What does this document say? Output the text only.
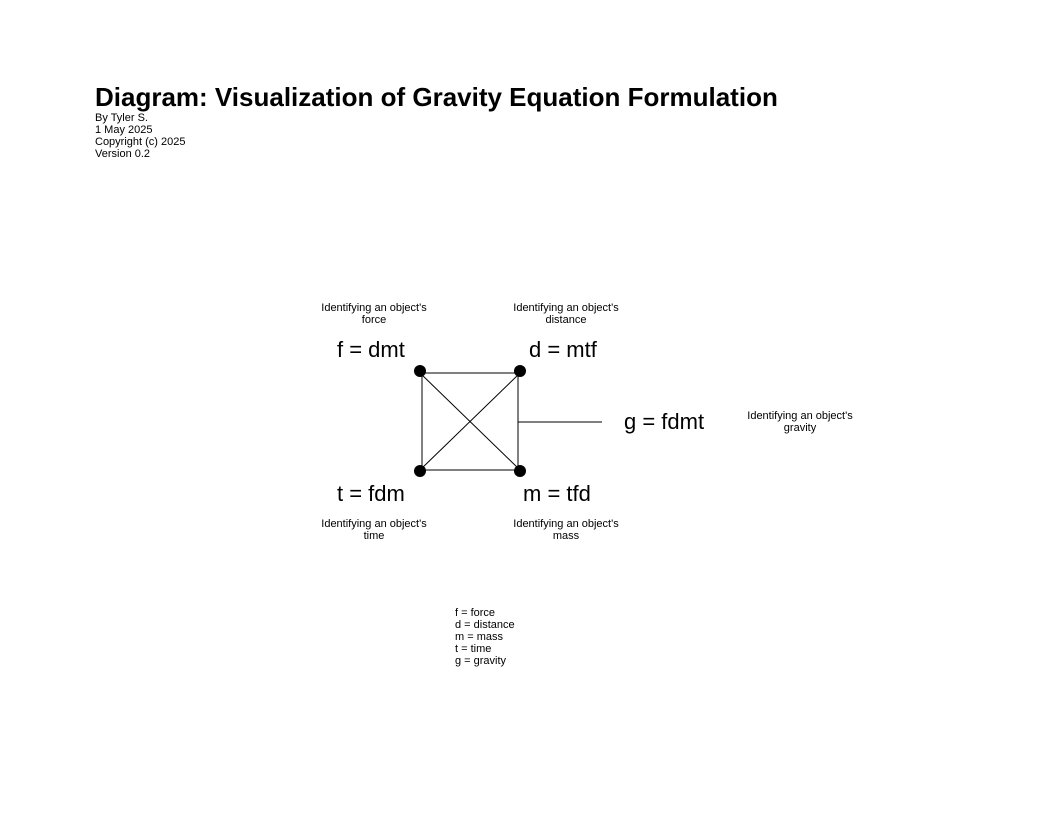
Diagram: Visualization of Gravity Equation Formulation
By Tyler S.
1 May 2025
Copyright (c) 2025
Version 0.2
Identifying an object's
force
f = dmt
Identifying an object's
distance
d = mtf
g = fdmt	Identifying an object's
gravity
t = fdm
Identifying an object's
time
m = tfd
Identifying an object's
mass
f = force
d = distance
m = mass
t = time
g = gravity
